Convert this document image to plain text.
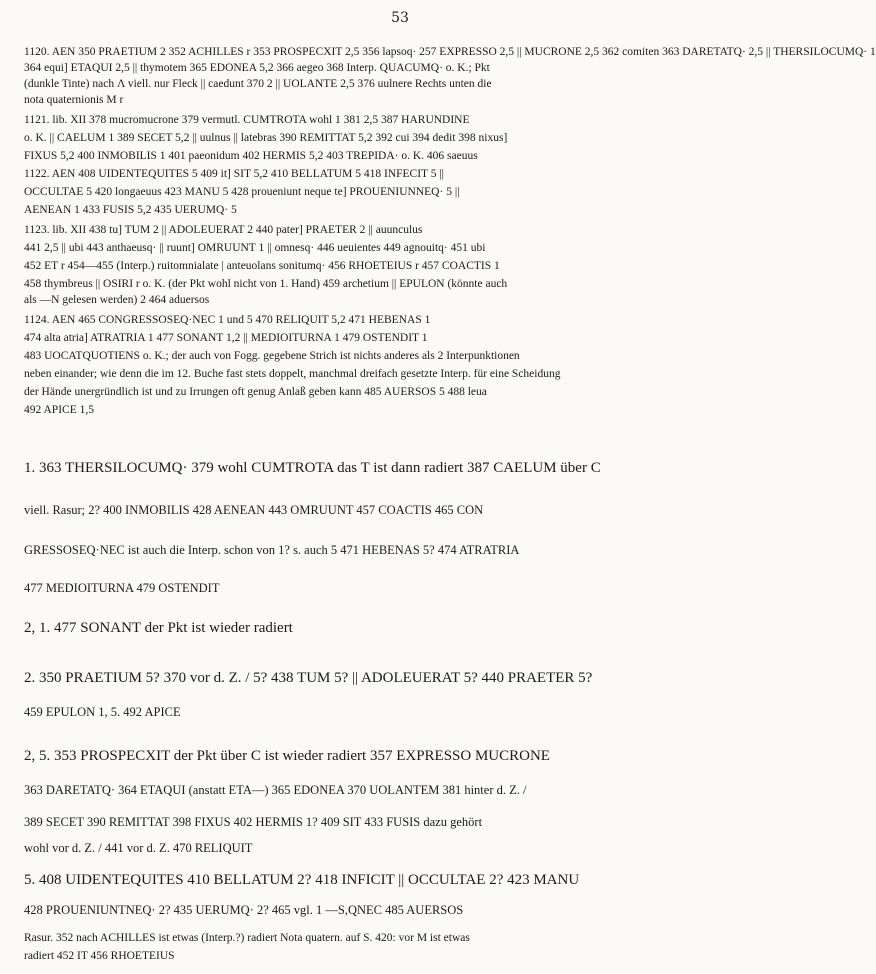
53
1120. AEN 350 PRAETIUM 2 352 ACHILLES r 353 PROSPECXIT 2,5 356 lapsoq· 257 EXPRESSO 2,5 || MUCRONE 2,5 362 comiten 363 DARETATQ· 2,5 || THERSILOCUMQ· 1
364 equi] ETAQUI 2,5 || thymotem 365 EDONEA 5,2 366 aegeo 368 Interp. QUACUMQ· o. K.; Pkt
(dunkle Tinte) nach Λ viell. nur Fleck || caedunt 370 2 || UOLANTE 2,5 376 uulnere Rechts unten die
nota quaternionis M r
1121. lib. XII 378 mucromucrone 379 vermutl. CUMTROTA wohl 1 381 2,5 387 HARUNDINE
o. K. || CAELUM 1 389 SECET 5,2 || uulnus || latebras 390 REMITTAT 5,2 392 cui 394 dedit 398 nixus]
FIXUS 5,2 400 INMOBILIS 1 401 paeonidum 402 HERMIS 5,2 403 TREPIDA· o. K. 406 saeuus
1122. AEN 408 UIDENTEQUITES 5 409 it] SIT 5,2 410 BELLATUM 5 418 INFECIT 5 ||
OCCULTAE 5 420 longaeuus 423 MANU 5 428 proueniunt neque te] PROUENIUNNEQ· 5 ||
AENEAN 1 433 FUSIS 5,2 435 UERUMQ· 5
1123. lib. XII 438 tu] TUM 2 || ADOLEUERAT 2 440 pater] PRAETER 2 || auunculus
441 2,5 || ubi 443 anthaeusq· || ruunt] OMRUUNT 1 || omnesq· 446 ueuientes 449 agnouitq· 451 ubi
452 ET r 454—455 (Interp.) ruitomnialate | anteuolans sonitumq· 456 RHOETEIUS r 457 COACTIS 1
458 thymbreus || OSIRI r o. K. (der Pkt wohl nicht von 1. Hand) 459 archetium || EPULON (könnte auch
als —N gelesen werden) 2 464 aduersos
1124. AEN 465 CONGRESSOSEQ·NEC 1 und 5 470 RELIQUIT 5,2 471 HEBENAS 1
474 alta atria] ATRATRIA 1 477 SONANT 1,2 || MEDIOITURNA 1 479 OSTENDIT 1
483 UOCATQUOTIENS o. K.; der auch von Fogg. gegebene Strich ist nichts anderes als 2 Interpunktionen
neben einander; wie denn die im 12. Buche fast stets doppelt, manchmal dreifach gesetzte Interp. für eine Scheidung
der Hände unergründlich ist und zu Irrungen oft genug Anlaß geben kann 485 AUERSOS 5 488 leua
492 APICE 1,5
1. 363 THERSILOCUMQ· 379 wohl CUMTROTA das T ist dann radiert 387 CAELUM über C
viell. Rasur; 2? 400 INMOBILIS 428 AENEAN 443 OMRUUNT 457 COACTIS 465 CON
GRESSOSEQ·NEC ist auch die Interp. schon von 1? s. auch 5 471 HEBENAS 5? 474 ATRATRIA
477 MEDIOITURNA 479 OSTENDIT
2, 1. 477 SONANT der Pkt ist wieder radiert
2. 350 PRAETIUM 5? 370 vor d. Z. / 5? 438 TUM 5? || ADOLEUERAT 5? 440 PRAETER 5?
459 EPULON 1, 5. 492 APICE
2, 5. 353 PROSPECXIT der Pkt über C ist wieder radiert 357 EXPRESSO MUCRONE
363 DARETATQ· 364 ETAQUI (anstatt ETA—) 365 EDONEA 370 UOLANTEM 381 hinter d. Z. /
389 SECET 390 REMITTAT 398 FIXUS 402 HERMIS 1? 409 SIT 433 FUSIS dazu gehört
wohl vor d. Z. / 441 vor d. Z. 470 RELIQUIT
5. 408 UIDENTEQUITES 410 BELLATUM 2? 418 INFICIT || OCCULTAE 2? 423 MANU
428 PROUENIUNTNEQ· 2? 435 UERUMQ· 2? 465 vgl. 1 —S,QNEC 485 AUERSOS
Rasur. 352 nach ACHILLES ist etwas (Interp.?) radiert Nota quatern. auf S. 420: vor M ist etwas
radiert 452 IT 456 RHOETEIUS
